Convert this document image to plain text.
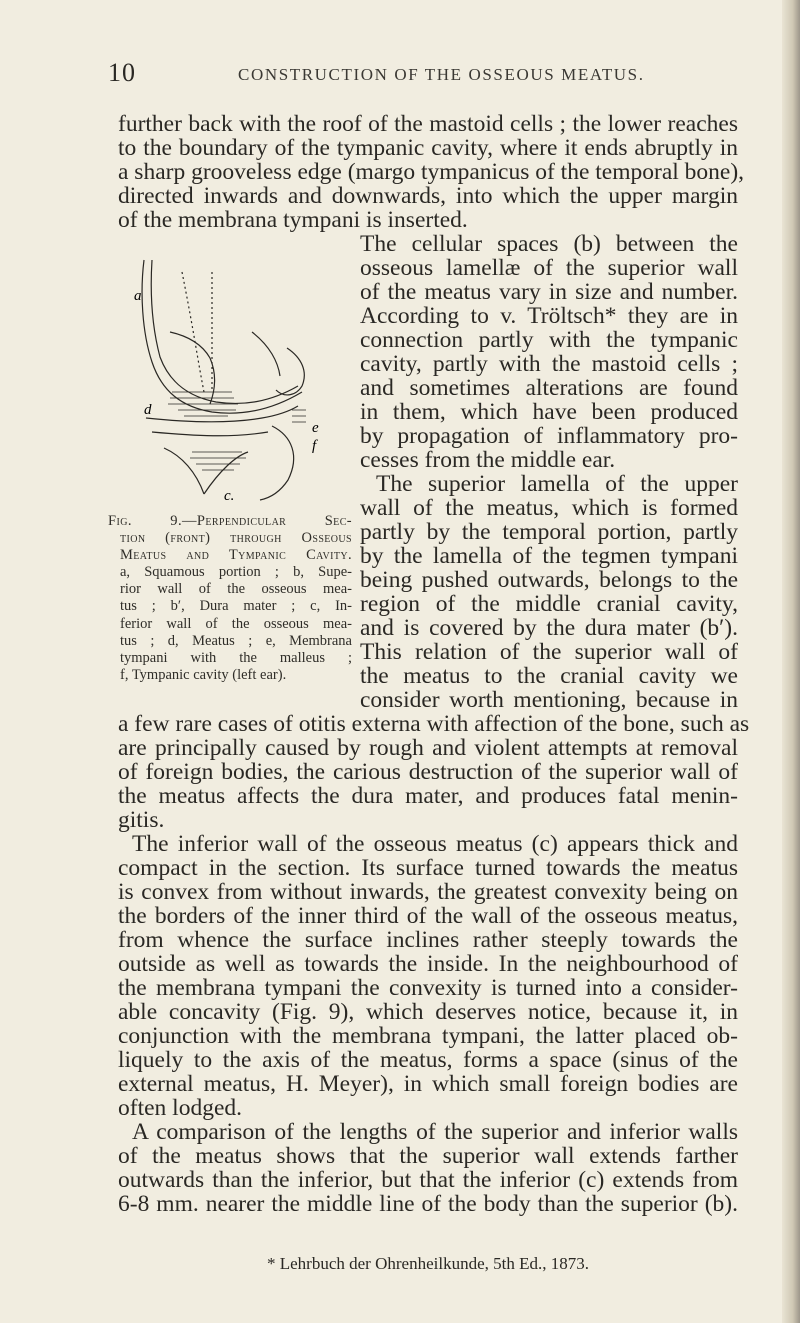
10	CONSTRUCTION OF THE OSSEOUS MEATUS.
further back with the roof of the mastoid cells ; the lower reaches
to the boundary of the tympanic cavity, where it ends abruptly in
a sharp grooveless edge (margo tympanicus of the temporal bone),
directed inwards and downwards, into which the upper margin
of the membrana tympani is inserted.
a
d
e
f
c.
The cellular spaces (b) between the
osseous lamellæ of the superior wall
of the meatus vary in size and number.
According to v. Tröltsch* they are in
connection partly with the tympanic
cavity, partly with the mastoid cells ;
and sometimes alterations are found
in them, which have been produced
by propagation of inflammatory pro-
cesses from the middle ear.
The superior lamella of the upper
wall of the meatus, which is formed
partly by the temporal portion, partly
by the lamella of the tegmen tympani
being pushed outwards, belongs to the
region of the middle cranial cavity,
and is covered by the dura mater (b′).
This relation of the superior wall of
the meatus to the cranial cavity we
consider worth mentioning, because in
Fig. 9.—Perpendicular Sec-
tion (front) through Osseous
Meatus and Tympanic Cavity.
a, Squamous portion ; b, Supe-
rior wall of the osseous mea-
tus ; b′, Dura mater ; c, In-
ferior wall of the osseous mea-
tus ; d, Meatus ; e, Membrana
tympani with the malleus ;
f, Tympanic cavity (left ear).
a few rare cases of otitis externa with affection of the bone, such as
are principally caused by rough and violent attempts at removal
of foreign bodies, the carious destruction of the superior wall of
the meatus affects the dura mater, and produces fatal menin-
gitis.
The inferior wall of the osseous meatus (c) appears thick and
compact in the section. Its surface turned towards the meatus
is convex from without inwards, the greatest convexity being on
the borders of the inner third of the wall of the osseous meatus,
from whence the surface inclines rather steeply towards the
outside as well as towards the inside. In the neighbourhood of
the membrana tympani the convexity is turned into a consider-
able concavity (Fig. 9), which deserves notice, because it, in
conjunction with the membrana tympani, the latter placed ob-
liquely to the axis of the meatus, forms a space (sinus of the
external meatus, H. Meyer), in which small foreign bodies are
often lodged.
A comparison of the lengths of the superior and inferior walls
of the meatus shows that the superior wall extends farther
outwards than the inferior, but that the inferior (c) extends from
6-8 mm. nearer the middle line of the body than the superior (b).
* Lehrbuch der Ohrenheilkunde, 5th Ed., 1873.
